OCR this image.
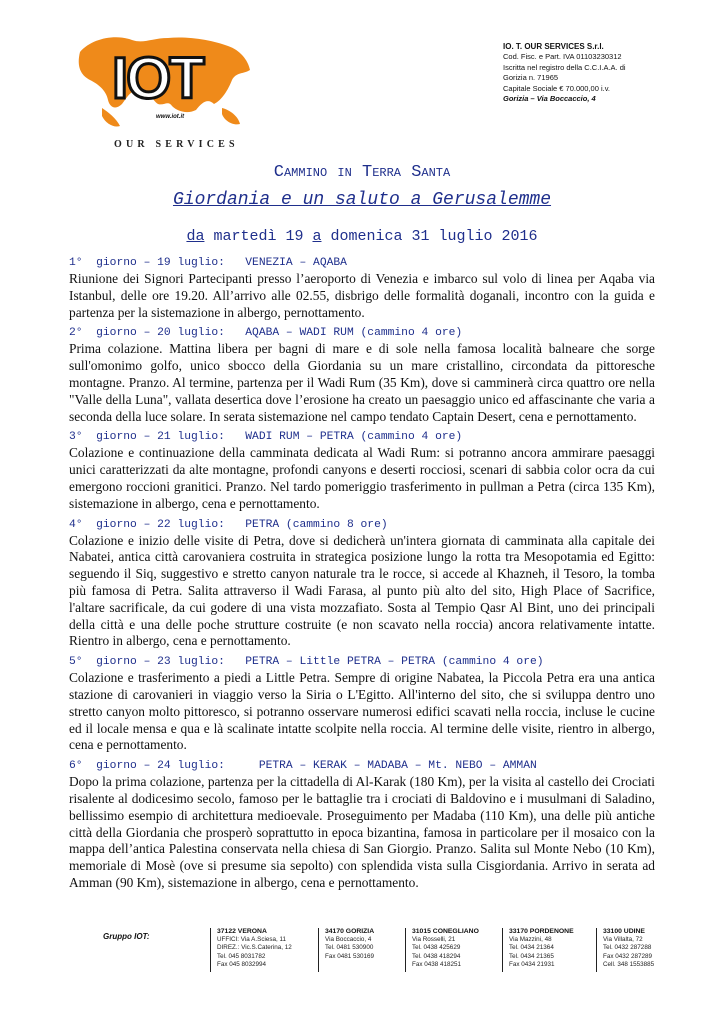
IOT
www.iot.it
OUR SERVICES
IO. T. OUR SERVICES S.r.l.
Cod. Fisc. e Part. IVA 01103230312
Iscritta nel registro della C.C.I.A.A. di
Gorizia n. 71965
Capitale Sociale € 70.000,00 i.v.
Gorizia – Via Boccaccio, 4
Cammino in Terra Santa
Giordania e un saluto a Gerusalemme
da martedì 19 a domenica 31 luglio 2016
1°  giorno – 19 luglio:   VENEZIA – AQABA
Riunione dei Signori Partecipanti presso l’aeroporto di Venezia e imbarco sul volo di linea per Aqaba via Istanbul, delle ore 19.20. All’arrivo alle 02.55, disbrigo delle formalità doganali, incontro con la guida e partenza per la sistemazione in albergo, pernottamento.
2°  giorno – 20 luglio:   AQABA – WADI RUM (cammino 4 ore)
Prima colazione. Mattina libera per bagni di mare e di sole nella famosa località balneare che sorge sull'omonimo golfo, unico sbocco della Giordania su un mare cristallino, circondata da pittoresche montagne. Pranzo. Al termine, partenza per il Wadi Rum (35 Km), dove si camminerà circa quattro ore nella "Valle della Luna", vallata desertica dove l’erosione ha creato un paesaggio unico ed affascinante che varia a seconda della luce solare. In serata sistemazione nel campo tendato Captain Desert, cena e pernottamento.
3°  giorno – 21 luglio:   WADI RUM – PETRA (cammino 4 ore)
Colazione e continuazione della camminata dedicata al Wadi Rum: si potranno ancora ammirare paesaggi unici caratterizzati da alte montagne, profondi canyons e deserti rocciosi, scenari di sabbia color ocra da cui emergono roccioni granitici. Pranzo. Nel tardo pomeriggio trasferimento in pullman a Petra (circa 135 Km), sistemazione in albergo, cena e pernottamento.
4°  giorno – 22 luglio:   PETRA (cammino 8 ore)
Colazione e inizio delle visite di Petra, dove si dedicherà un'intera giornata di camminata alla capitale dei Nabatei, antica città carovaniera costruita in strategica posizione lungo la rotta tra Mesopotamia ed Egitto: seguendo il Siq, suggestivo e stretto canyon naturale tra le rocce, si accede al Khazneh, il Tesoro, la tomba più famosa di Petra. Salita attraverso il Wadi Farasa, al punto più alto del sito, High Place of Sacrifice, l'altare sacrificale, da cui godere di una vista mozzafiato. Sosta al Tempio Qasr Al Bint, uno dei principali della città e una delle poche strutture costruite (e non scavato nella roccia) ancora relativamente intatte. Rientro in albergo, cena e pernottamento.
5°  giorno – 23 luglio:   PETRA – Little PETRA – PETRA (cammino 4 ore)
Colazione e trasferimento a piedi a Little Petra. Sempre di origine Nabatea, la Piccola Petra era una antica stazione di carovanieri in viaggio verso la Siria o L'Egitto. All'interno del sito, che si sviluppa dentro uno stretto canyon molto pittoresco, si potranno osservare numerosi edifici scavati nella roccia, incluse le cucine ed il locale mensa e qua e là scalinate intatte scolpite nella roccia. Al termine delle visite, rientro in albergo, cena e pernottamento.
6°  giorno – 24 luglio:     PETRA – KERAK – MADABA – Mt. NEBO – AMMAN
Dopo la prima colazione, partenza per la cittadella di Al-Karak (180 Km), per la visita al castello dei Crociati risalente al dodicesimo secolo, famoso per le battaglie tra i crociati di Baldovino e i musulmani di Saladino, bellissimo esempio di architettura medioevale. Proseguimento per Madaba (110 Km), una delle più antiche città della Giordania che prosperò soprattutto in epoca bizantina, famosa in particolare per il mosaico con la mappa dell’antica Palestina conservata nella chiesa di San Giorgio. Pranzo. Salita sul Monte Nebo (10 Km), memoriale di Mosè (ove si presume sia sepolto) con splendida vista sulla Cisgiordania. Arrivo in serata ad Amman (90 Km), sistemazione in albergo, cena e pernottamento.
Gruppo IOT:
37122 VERONA
UFFICI: Via A.Sciesa, 11
DIREZ.: Vic.S.Caterina, 12
Tel. 045 8031782
Fax 045 8032994
34170 GORIZIA
Via Boccaccio, 4
Tel. 0481 530900
Fax 0481 530169
31015 CONEGLIANO
Via Rosselli, 21
Tel. 0438 425629
Tel. 0438 418294
Fax 0438 418251
33170 PORDENONE
Via Mazzini, 48
Tel. 0434 21364
Tel. 0434 21365
Fax 0434 21931
33100 UDINE
Via Villalta, 72
Tel. 0432 287288
Fax 0432 287289
Cell. 348 1553885
